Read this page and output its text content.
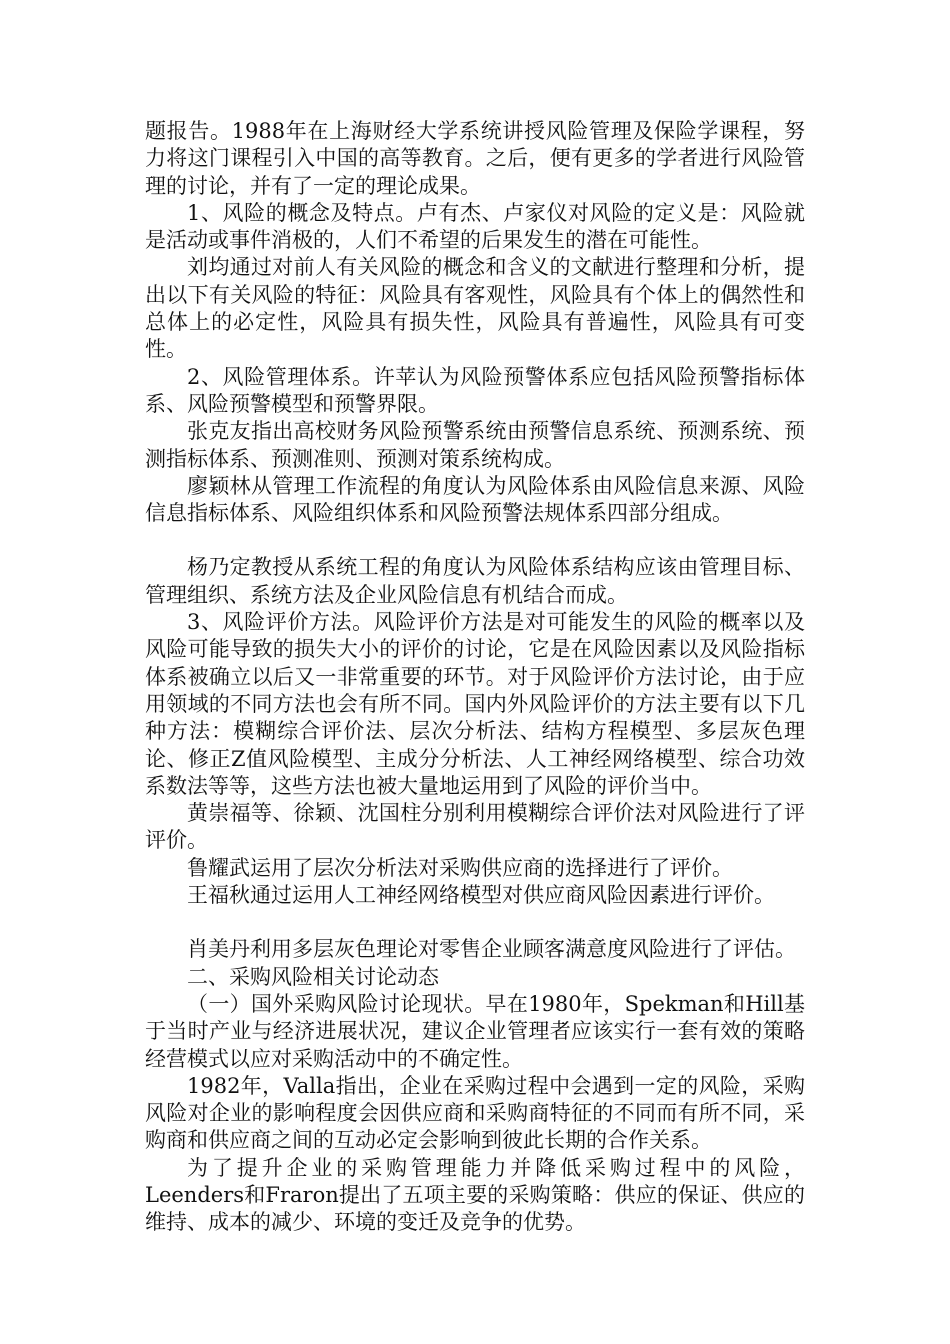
题报告。1988年在上海财经大学系统讲授风险管理及保险学课程，努力将这门课程引入中国的高等教育。之后，便有更多的学者进行风险管理的讨论，并有了一定的理论成果。

1、风险的概念及特点。卢有杰、卢家仪对风险的定义是：风险就是活动或事件消极的，人们不希望的后果发生的潜在可能性。

刘均通过对前人有关风险的概念和含义的文献进行整理和分析，提出以下有关风险的特征：风险具有客观性，风险具有个体上的偶然性和总体上的必定性，风险具有损失性，风险具有普遍性，风险具有可变性。

2、风险管理体系。许苹认为风险预警体系应包括风险预警指标体系、风险预警模型和预警界限。

张克友指出高校财务风险预警系统由预警信息系统、预测系统、预测指标体系、预测准则、预测对策系统构成。

廖颖林从管理工作流程的角度认为风险体系由风险信息来源、风险信息指标体系、风险组织体系和风险预警法规体系四部分组成。

杨乃定教授从系统工程的角度认为风险体系结构应该由管理目标、管理组织、系统方法及企业风险信息有机结合而成。

3、风险评价方法。风险评价方法是对可能发生的风险的概率以及风险可能导致的损失大小的评价的讨论，它是在风险因素以及风险指标体系被确立以后又一非常重要的环节。对于风险评价方法讨论，由于应用领域的不同方法也会有所不同。国内外风险评价的方法主要有以下几种方法：模糊综合评价法、层次分析法、结构方程模型、多层灰色理论、修正Z值风险模型、主成分分析法、人工神经网络模型、综合功效系数法等等，这些方法也被大量地运用到了风险的评价当中。

黄崇福等、徐颖、沈国柱分别利用模糊综合评价法对风险进行了评评价。

鲁耀武运用了层次分析法对采购供应商的选择进行了评价。

王福秋通过运用人工神经网络模型对供应商风险因素进行评价。

肖美丹利用多层灰色理论对零售企业顾客满意度风险进行了评估。

二、采购风险相关讨论动态

（一）国外采购风险讨论现状。早在1980年，Spekman和Hill基于当时产业与经济进展状况，建议企业管理者应该实行一套有效的策略经营模式以应对采购活动中的不确定性。

1982年，Valla指出，企业在采购过程中会遇到一定的风险，采购风险对企业的影响程度会因供应商和采购商特征的不同而有所不同，采购商和供应商之间的互动必定会影响到彼此长期的合作关系。

为了提升企业的采购管理能力并降低采购过程中的风险，Leenders和Fraron提出了五项主要的采购策略：供应的保证、供应的维持、成本的减少、环境的变迁及竞争的优势。
